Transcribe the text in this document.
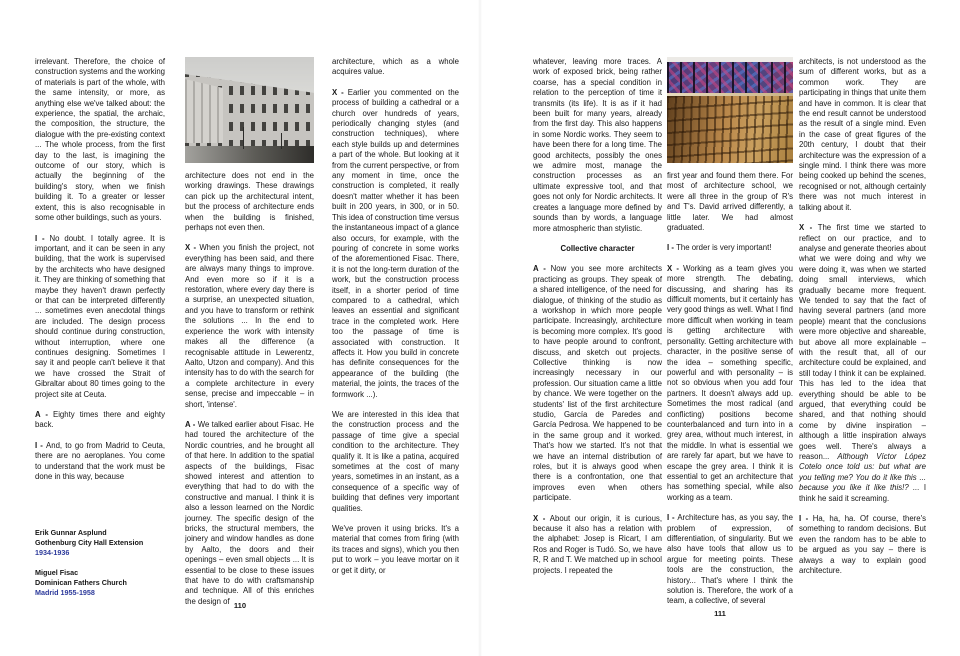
irrelevant. Therefore, the choice of construction systems and the working of materials is part of the whole, with the same intensity, or more, as anything else we've talked about: the experience, the spatial, the archaic, the composition, the structure, the dialogue with the pre-existing context ... The whole process, from the first day to the last, is imagining the outcome of our story, which is actually the beginning of the building's story, when we finish building it. To a greater or lesser extent, this is also recognisable in some other buildings, such as yours.

I - No doubt. I totally agree. It is important, and it can be seen in any building, that the work is supervised by the architects who have designed it. They are thinking of something that maybe they haven't drawn perfectly or that can be interpreted differently ... sometimes even anecdotal things are included. The design process should continue during construction, without interruption, where one continues designing. Sometimes I say it and people can't believe it that we have crossed the Strait of Gibraltar about 80 times going to the project site at Ceuta.

A - Eighty times there and eighty back.

I - And, to go from Madrid to Ceuta, there are no aeroplanes. You come to understand that the work must be done in this way, because

Erik Gunnar Asplund
Gothenburg City Hall Extension
1934-1936
Miguel Fisac
Dominican Fathers Church
Madrid 1955-1958

architecture does not end in the working drawings. These drawings can pick up the architectural intent, but the process of architecture ends when the building is finished, perhaps not even then.

X - When you finish the project, not everything has been said, and there are always many things to improve. And even more so if it is a restoration, where every day there is a surprise, an unexpected situation, and you have to transform or rethink the solutions ... In the end to experience the work with intensity makes all the difference (a recognisable attitude in Lewerentz, Aalto, Utzon and company). And this intensity has to do with the search for a complete architecture in every sense, precise and impeccable – in short, 'intense'.

A - We talked earlier about Fisac. He had toured the architecture of the Nordic countries, and he brought all of that here. In addition to the spatial aspects of the buildings, Fisac showed interest and attention to everything that had to do with the constructive and manual. I think it is also a lesson learned on the Nordic journey. The specific design of the bricks, the structural members, the joinery and window handles as done by Aalto, the doors and their openings – even small objects ... It is essential to be close to these issues that have to do with craftsmanship and technique. All of this enriches the design of

architecture, which as a whole acquires value.

X - Earlier you commented on the process of building a cathedral or a church over hundreds of years, periodically changing styles (and construction techniques), where each style builds up and determines a part of the whole. But looking at it from the current perspective, or from any moment in time, once the construction is completed, it really doesn't matter whether it has been built in 200 years, in 300, or in 50. This idea of construction time versus the instantaneous impact of a glance also occurs, for example, with the pouring of concrete in some works of the aforementioned Fisac. There, it is not the long-term duration of the work, but the construction process itself, in a shorter period of time compared to a cathedral, which leaves an essential and significant trace in the completed work. Here too the passage of time is associated with construction. It affects it. How you build in concrete has definite consequences for the appearance of the building (the material, the joints, the traces of the formwork ...).

We are interested in this idea that the construction process and the passage of time give a special condition to the architecture. They qualify it. It is like a patina, acquired sometimes at the cost of many years, sometimes in an instant, as a consequence of a specific way of building that defines very important qualities.

We've proven it using bricks. It's a material that comes from firing (with its traces and signs), which you then put to work – you leave mortar on it or get it dirty, or

110

whatever, leaving more traces. A work of exposed brick, being rather coarse, has a special condition in relation to the perception of time it transmits (its life). It is as if it had been built for many years, already from the first day. This also happens in some Nordic works. They seem to have been there for a long time. The good architects, possibly the ones we admire most, manage the construction processes as an ultimate expressive tool, and that goes not only for Nordic architects. It creates a language more defined by sounds than by words, a language more atmospheric than stylistic.

Collective character

A - Now you see more architects practicing as groups. They speak of a shared intelligence, of the need for dialogue, of thinking of the studio as a workshop in which more people participate. Increasingly, architecture is becoming more complex. It's good to have people around to confront, discuss, and sketch out projects. Collective thinking is now increasingly necessary in our profession. Our situation came a little by chance. We were together on the students' list of the first architecture studio, García de Paredes and García Pedrosa. We happened to be in the same group and it worked. That's how we started. It's not that we have an internal distribution of roles, but it is always good when there is a confrontation, one that improves even when others participate.

X - About our origin, it is curious, because it also has a relation with the alphabet: Josep is Ricart, I am Ros and Roger is Tudó. So, we have R, R and T. We matched up in school projects. I repeated the

first year and found them there. For most of architecture school, we were all three in the group of R's and T's. David arrived differently, a little later. We had almost graduated.

I - The order is very important!

X - Working as a team gives you more strength. The debating, discussing, and sharing has its difficult moments, but it certainly has very good things as well. What I find more difficult when working in team is getting architecture with personality. Getting architecture with character, in the positive sense of the idea – something specific, powerful and with personality – is not so obvious when you add four partners. It doesn't always add up. Sometimes the most radical (and conflicting) positions become counterbalanced and turn into in a grey area, without much interest, in the middle. In what is essential we are rarely far apart, but we have to escape the grey area. I think it is essential to get an architecture that has something special, while also working as a team.

I - Architecture has, as you say, the problem of expression, of differentiation, of singularity. But we also have tools that allow us to argue for meeting points. These tools are the construction, the history... That's where I think the solution is. Therefore, the work of a team, a collective, of several

architects, is not understood as the sum of different works, but as a common work. They are participating in things that unite them and have in common. It is clear that the end result cannot be understood as the result of a single mind. Even in the case of great figures of the 20th century, I doubt that their architecture was the expression of a single mind. I think there was more being cooked up behind the scenes, recognised or not, although certainly there was not much interest in talking about it.

X - The first time we started to reflect on our practice, and to analyse and generate theories about what we were doing and why we were doing it, was when we started doing small interviews, which gradually became more frequent. We tended to say that the fact of having several partners (and more people) meant that the conclusions were more objective and shareable, but above all more explainable – with the result that, all of our architecture could be explained, and still today I think it can be explained. This has led to the idea that everything should be able to be argued, that everything could be shared, and that nothing should come by divine inspiration – although a little inspiration always goes well. There's always a reason... Although Víctor López Cotelo once told us: but what are you telling me? You do it like this ... because you like it like this!? ... I think he said it screaming.

I - Ha, ha, ha. Of course, there's something to random decisions. But even the random has to be able to be argued as you say – there is always a way to explain good architecture.

111
